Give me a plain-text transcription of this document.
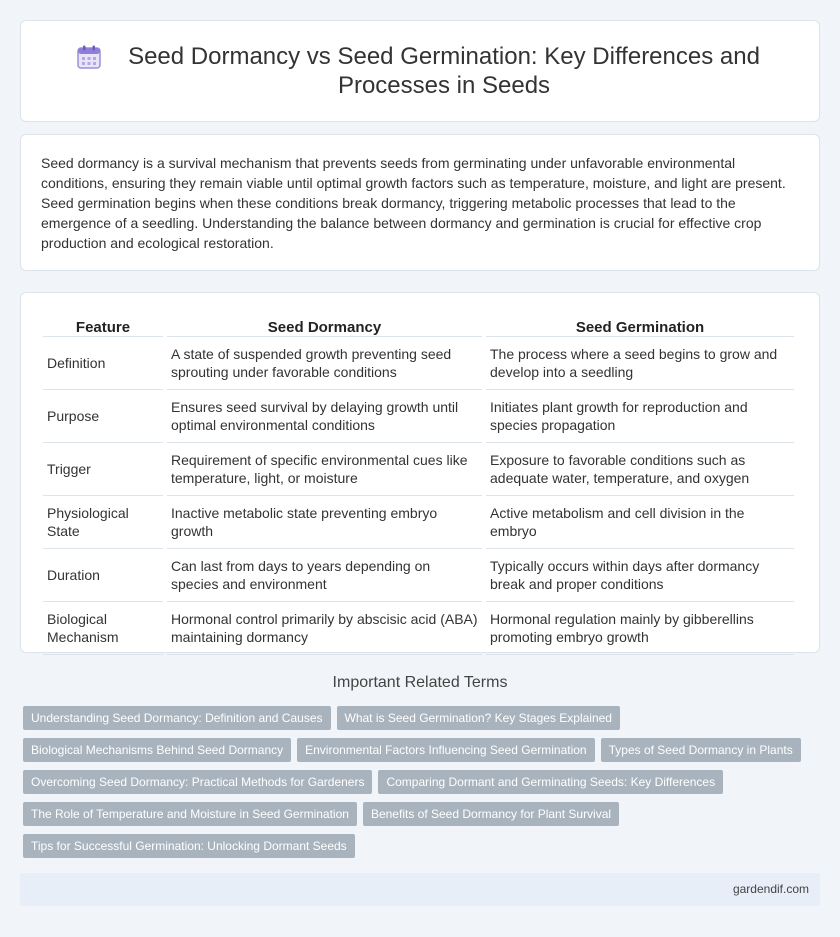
Seed Dormancy vs Seed Germination: Key Differences and Processes in Seeds

Seed dormancy is a survival mechanism that prevents seeds from germinating under unfavorable environmental conditions, ensuring they remain viable until optimal growth factors such as temperature, moisture, and light are present. Seed germination begins when these conditions break dormancy, triggering metabolic processes that lead to the emergence of a seedling. Understanding the balance between dormancy and germination is crucial for effective crop production and ecological restoration.

Feature	Seed Dormancy	Seed Germination
Definition	A state of suspended growth preventing seed sprouting under favorable conditions	The process where a seed begins to grow and develop into a seedling
Purpose	Ensures seed survival by delaying growth until optimal environmental conditions	Initiates plant growth for reproduction and species propagation
Trigger	Requirement of specific environmental cues like temperature, light, or moisture	Exposure to favorable conditions such as adequate water, temperature, and oxygen
Physiological State	Inactive metabolic state preventing embryo growth	Active metabolism and cell division in the embryo
Duration	Can last from days to years depending on species and environment	Typically occurs within days after dormancy break and proper conditions
Biological Mechanism	Hormonal control primarily by abscisic acid (ABA) maintaining dormancy	Hormonal regulation mainly by gibberellins promoting embryo growth
Important Related Terms
Understanding Seed Dormancy: Definition and Causes What is Seed Germination? Key Stages Explained
Biological Mechanisms Behind Seed Dormancy Environmental Factors Influencing Seed Germination Types of Seed Dormancy in Plants
Overcoming Seed Dormancy: Practical Methods for Gardeners Comparing Dormant and Germinating Seeds: Key Differences
The Role of Temperature and Moisture in Seed Germination Benefits of Seed Dormancy for Plant Survival
Tips for Successful Germination: Unlocking Dormant Seeds
gardendif.com
